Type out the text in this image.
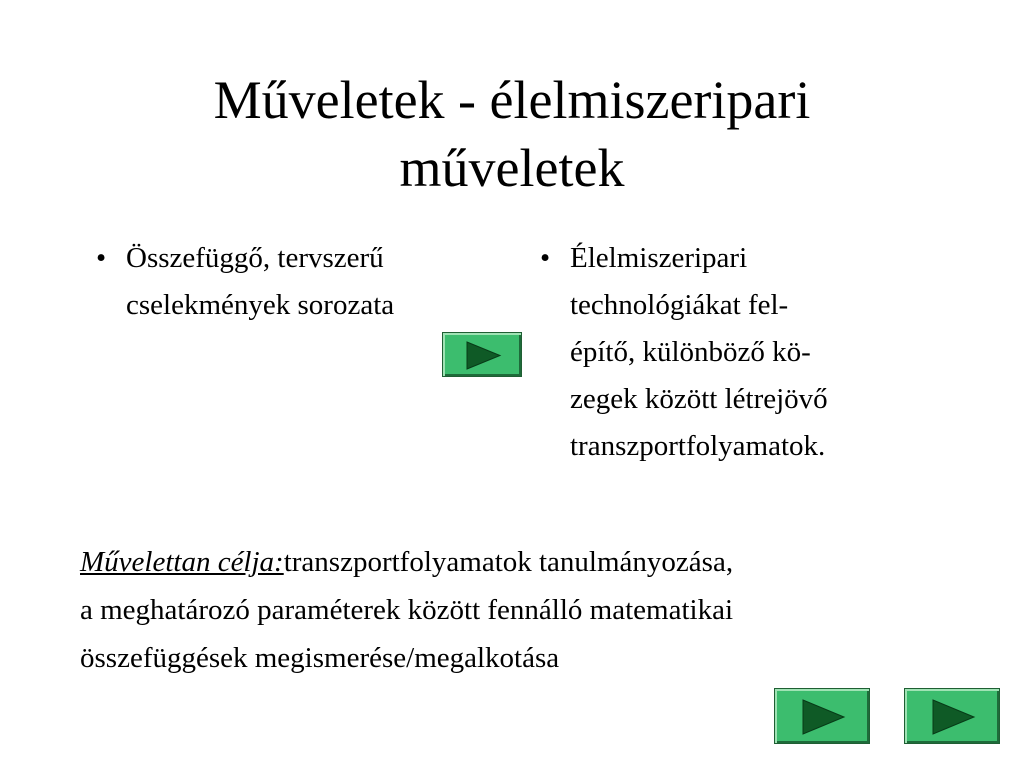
Műveletek - élelmiszeripari
műveletek
• Összefüggő, tervszerű
cselekmények sorozata
• Élelmiszeripari
technológiákat fel-
építő, különböző kö-
zegek között létrejövő
transzportfolyamatok.
Művelettan célja:transzportfolyamatok tanulmányozása,
a meghatározó paraméterek között fennálló matematikai
összefüggések megismerése/megalkotása
